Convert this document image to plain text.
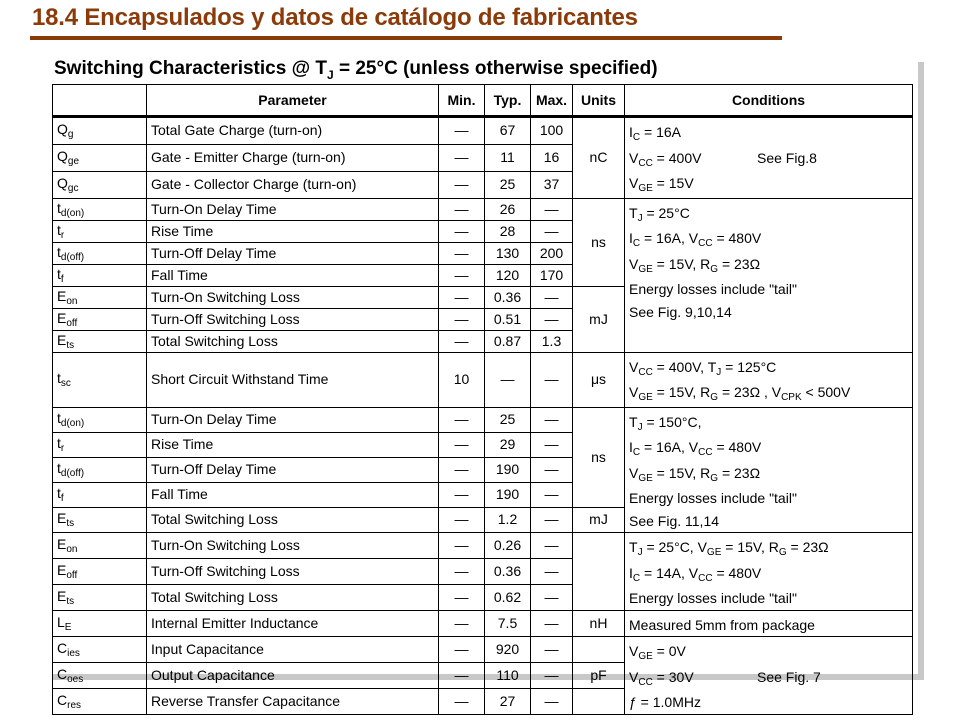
18.4 Encapsulados y datos de catálogo de fabricantes
Switching Characteristics @ $T_J = 25^\circ C$ (unless otherwise specified)
	Parameter	Min.	Typ.	Max.	Units	Conditions
$Q_g$	Total Gate Charge (turn-on)	—	67	100	nC	$I_C = 16A$
$V_{CC} = 400V$ See Fig.8
$V_{GE} = 15V$

$Q_{ge}$	Gate - Emitter Charge (turn-on)	—	11	16		
$Q_{gc}$	Gate - Collector Charge (turn-on)	—	25	37		
$t_{d(on)}$	Turn-On Delay Time	—	26	—	ns	$T_J = 25^\circ C$
$I_C = 16A$, $V_{CC} = 480V$
$V_{GE} = 15V$, $R_G = 23\Omega$
Energy losses include "tail"
See Fig. 9,10,14

$t_r$	Rise Time	—	28	—		
$t_{d(off)}$	Turn-Off Delay Time	—	130	200		
$t_f$	Fall Time	—	120	170		
$E_{on}$	Turn-On Switching Loss	—	0.36	—	mJ	
$E_{off}$	Turn-Off Switching Loss	—	0.51	—		
$E_{ts}$	Total Switching Loss	—	0.87	1.3		
$t_{sc}$	Short Circuit Withstand Time	10	—	—	μs	$V_{CC} = 400V$, $T_J = 125^\circ C$
$V_{GE} = 15V$, $R_G = 23\Omega$ , $V_{CPK} < 500V$

$t_{d(on)}$	Turn-On Delay Time	—	25	—	ns	$T_J = 150^\circ C$,
$I_C = 16A$, $V_{CC} = 480V$
$V_{GE} = 15V$, $R_G = 23\Omega$
Energy losses include "tail"
See Fig. 11,14

$t_r$	Rise Time	—	29	—		
$t_{d(off)}$	Turn-Off Delay Time	—	190	—		
$t_f$	Fall Time	—	190	—		
$E_{ts}$	Total Switching Loss	—	1.2	—	mJ	
$E_{on}$	Turn-On Switching Loss	—	0.26	—		$T_J = 25^\circ C$, $V_{GE} = 15V$, $R_G = 23\Omega$
$I_C = 14A$, $V_{CC} = 480V$
Energy losses include "tail"

$E_{off}$	Turn-Off Switching Loss	—	0.36	—		
$E_{ts}$	Total Switching Loss	—	0.62	—		
$L_E$	Internal Emitter Inductance	—	7.5	—	nH	Measured 5mm from package

$C_{ies}$	Input Capacitance	—	920	—		$V_{GE} = 0V$
$V_{CC} = 30V$ See Fig. 7
ƒ = 1.0MHz

$C_{oes}$	Output Capacitance	—	110	—	pF	
$C_{res}$	Reverse Transfer Capacitance	—	27	—		
